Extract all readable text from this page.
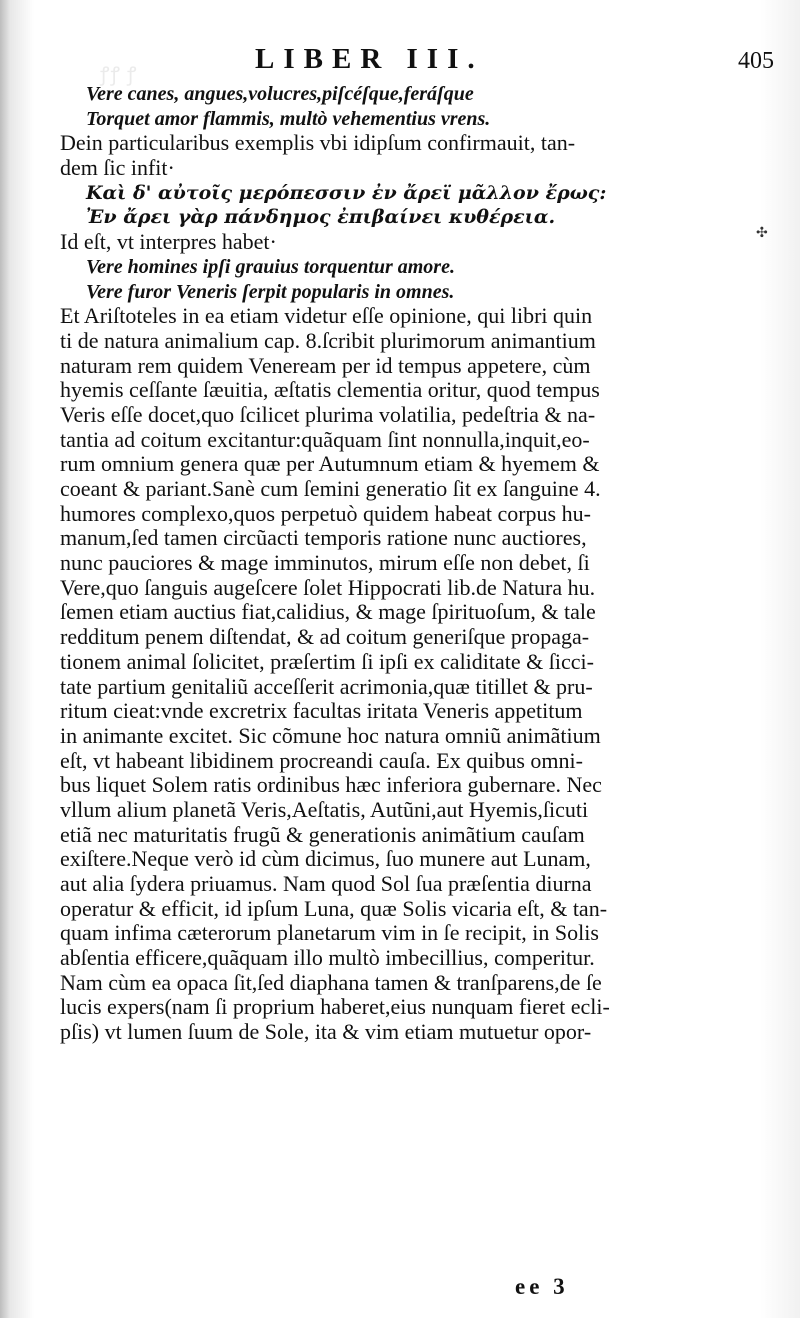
ꝭꝭ ꝭ	LIBER III.	405
Vere canes, angues,volucres,piſcéſque,feráſque
Torquet amor flammis, multò vehementius vrens.
Dein particularibus exemplis vbi idipſum confirmauit, tan-
dem ſic infit·
Καὶ δ' αὐτοῖς μερόπεσσιν ἐν ἄρεϊ μᾶλλον ἔρως:
Ἐν ἄρει γὰρ πάνδημος ἐπιβαίνει κυθέρεια.
Id eſt, vt interpres habet·
Vere homines ipſi grauius torquentur amore.
Vere furor Veneris ſerpit popularis in omnes.
Et Ariſtoteles in ea etiam videtur eſſe opinione, qui libri quin
ti de natura animalium cap. 8.ſcribit plurimorum animantium
naturam rem quidem Veneream per id tempus appetere, cùm
hyemis ceſſante ſæuitia, æſtatis clementia oritur, quod tempus
Veris eſſe docet,quo ſcilicet plurima volatilia, pedeſtria & na-
tantia ad coitum excitantur:quãquam ſint nonnulla,inquit,eo-
rum omnium genera quæ per Autumnum etiam & hyemem &
coeant & pariant.Sanè cum ſemini generatio ſit ex ſanguine 4.
humores complexo,quos perpetuò quidem habeat corpus hu-
manum,ſed tamen circũacti temporis ratione nunc auctiores,
nunc pauciores & mage imminutos, mirum eſſe non debet, ſi
Vere,quo ſanguis augeſcere ſolet Hippocrati lib.de Natura hu.
ſemen etiam auctius fiat,calidius, & mage ſpirituoſum, & tale
redditum penem diſtendat, & ad coitum generiſque propaga-
tionem animal ſolicitet, præſertim ſi ipſi ex caliditate & ſicci-
tate partium genitaliũ acceſſerit acrimonia,quæ titillet & pru-
ritum cieat:vnde excretrix facultas iritata Veneris appetitum
in animante excitet. Sic cõmune hoc natura omniũ animãtium
eſt, vt habeant libidinem procreandi cauſa. Ex quibus omni-
bus liquet Solem ratis ordinibus hæc inferiora gubernare. Nec
vllum alium planetã Veris,Aeſtatis, Autũni,aut Hyemis,ſicuti
etiã nec maturitatis frugũ & generationis animãtium cauſam
exiſtere.Neque verò id cùm dicimus, ſuo munere aut Lunam,
aut alia ſydera priuamus. Nam quod Sol ſua præſentia diurna
operatur & efficit, id ipſum Luna, quæ Solis vicaria eſt, & tan-
quam infima cæterorum planetarum vim in ſe recipit, in Solis
abſentia efficere,quãquam illo multò imbecillius, comperitur.
Nam cùm ea opaca ſit,ſed diaphana tamen & tranſparens,de ſe
lucis expers(nam ſi proprium haberet,eius nunquam fieret ecli-
pſis) vt lumen ſuum de Sole, ita & vim etiam mutuetur opor-
✣
ee 3
